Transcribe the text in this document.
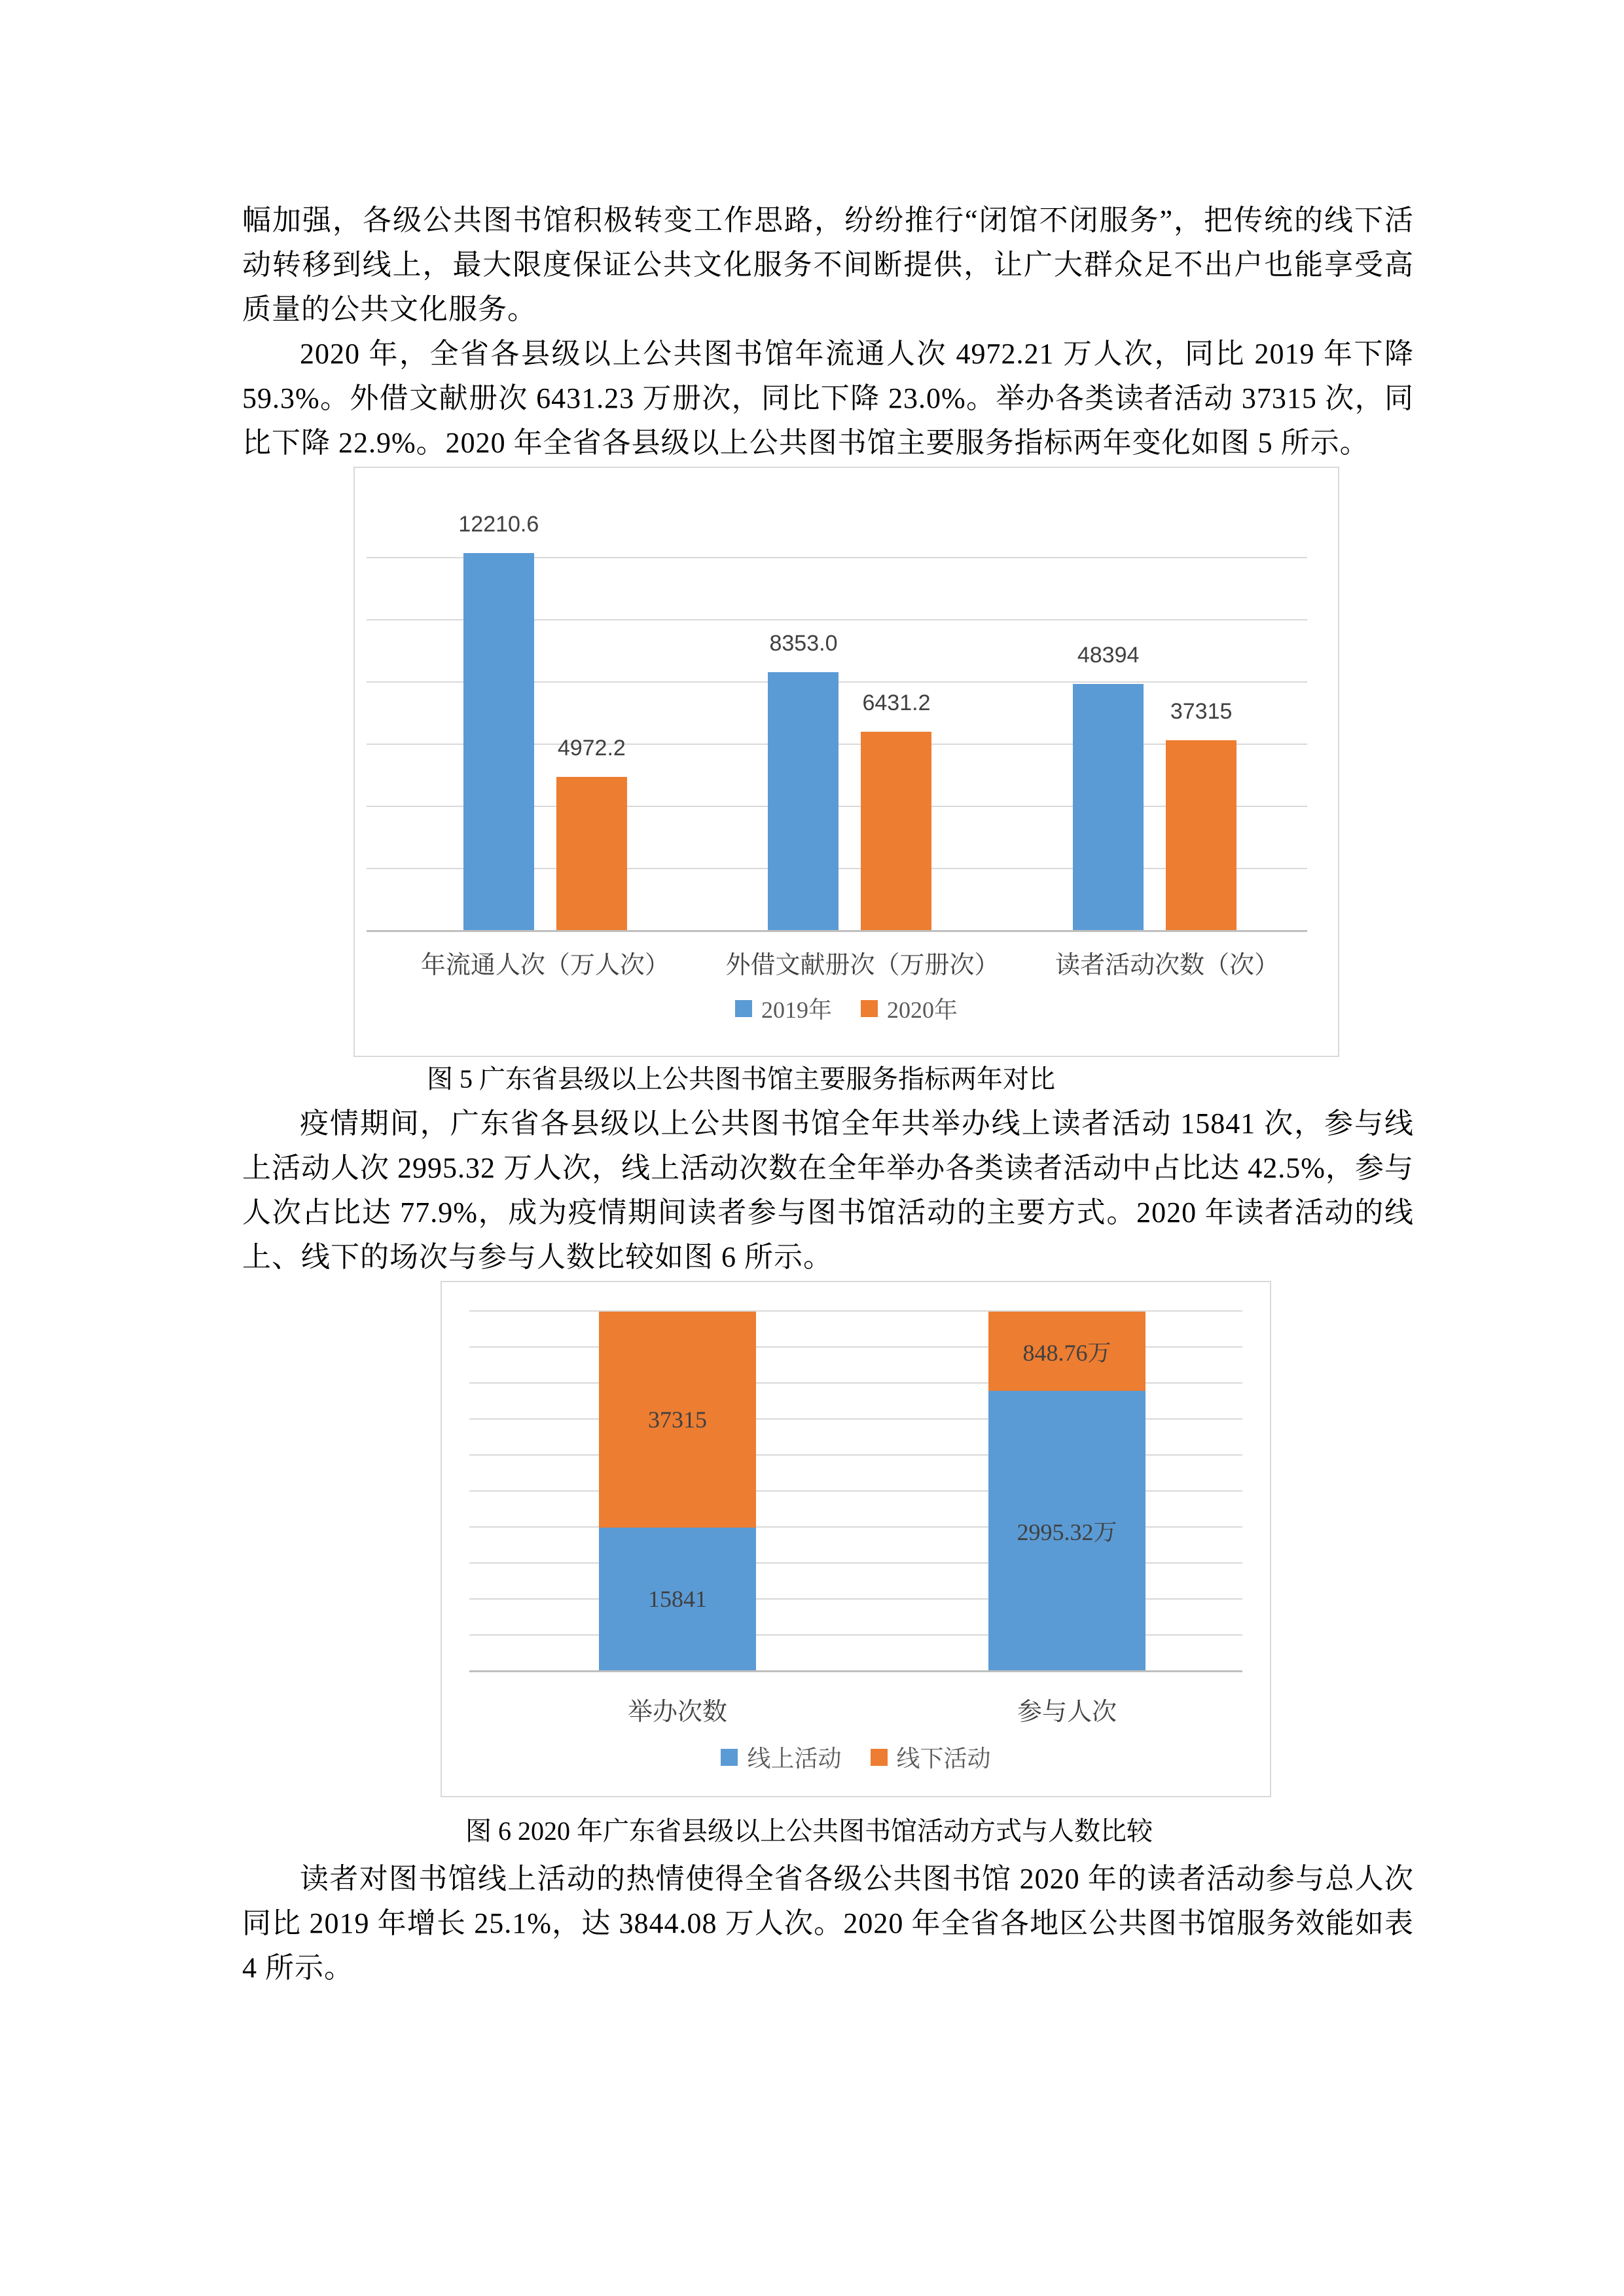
幅加强，各级公共图书馆积极转变工作思路，纷纷推行“闭馆不闭服务”，把传统的线下活动转移到线上，最大限度保证公共文化服务不间断提供，让广大群众足不出户也能享受高质量的公共文化服务。

2020 年，全省各县级以上公共图书馆年流通人次 4972.21 万人次，同比 2019 年下降 59.3%。外借文献册次 6431.23 万册次，同比下降 23.0%。举办各类读者活动 37315 次，同比下降 22.9%。2020 年全省各县级以上公共图书馆主要服务指标两年变化如图 5 所示。

12210.6
4972.2
8353.0
6431.2
48394
37315
年流通人次（万人次） 外借文献册次（万册次） 读者活动次数（次）
2019年 2020年

图 5 广东省县级以上公共图书馆主要服务指标两年对比

疫情期间，广东省各县级以上公共图书馆全年共举办线上读者活动 15841 次，参与线上活动人次 2995.32 万人次，线上活动次数在全年举办各类读者活动中占比达 42.5%，参与人次占比达 77.9%，成为疫情期间读者参与图书馆活动的主要方式。2020 年读者活动的线上、线下的场次与参与人数比较如图 6 所示。

15841
37315
2995.32万
848.76万
举办次数	参与人次
线上活动 线下活动

图 6 2020 年广东省县级以上公共图书馆活动方式与人数比较

读者对图书馆线上活动的热情使得全省各级公共图书馆 2020 年的读者活动参与总人次同比 2019 年增长 25.1%，达 3844.08 万人次。2020 年全省各地区公共图书馆服务效能如表 4 所示。
